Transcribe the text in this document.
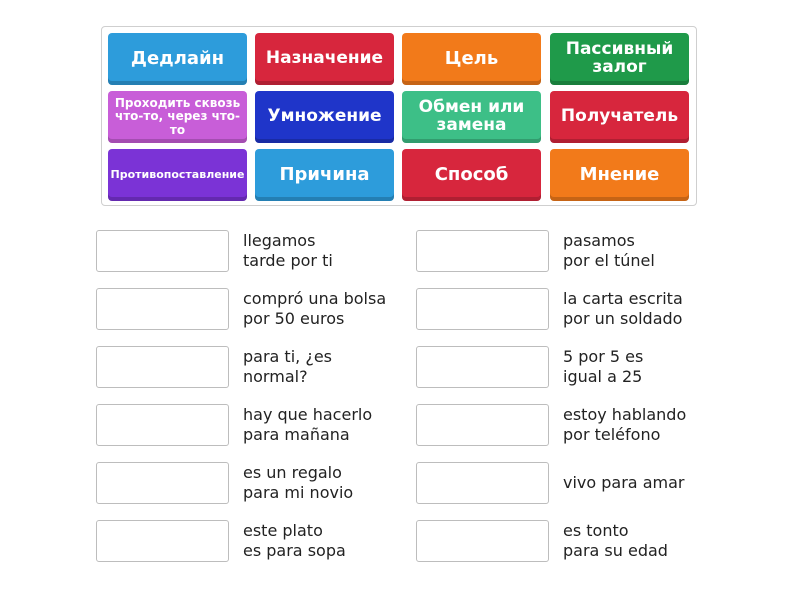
Дедлайн	Назначение	Цель	Пассивный залог
Проходить сквозь что-то, через что-то
Умножение	Обмен или замена	Получатель
Противопоставление	Причина	Способ	Мнение
llegamos
tarde por ti
compró una bolsa
por 50 euros
para ti, ¿es
normal?
hay que hacerlo
para mañana
es un regalo
para mi novio
este plato
es para sopa
pasamos
por el túnel
la carta escrita
por un soldado
5 por 5 es
igual a 25
estoy hablando
por teléfono
vivo para amar
es tonto
para su edad
